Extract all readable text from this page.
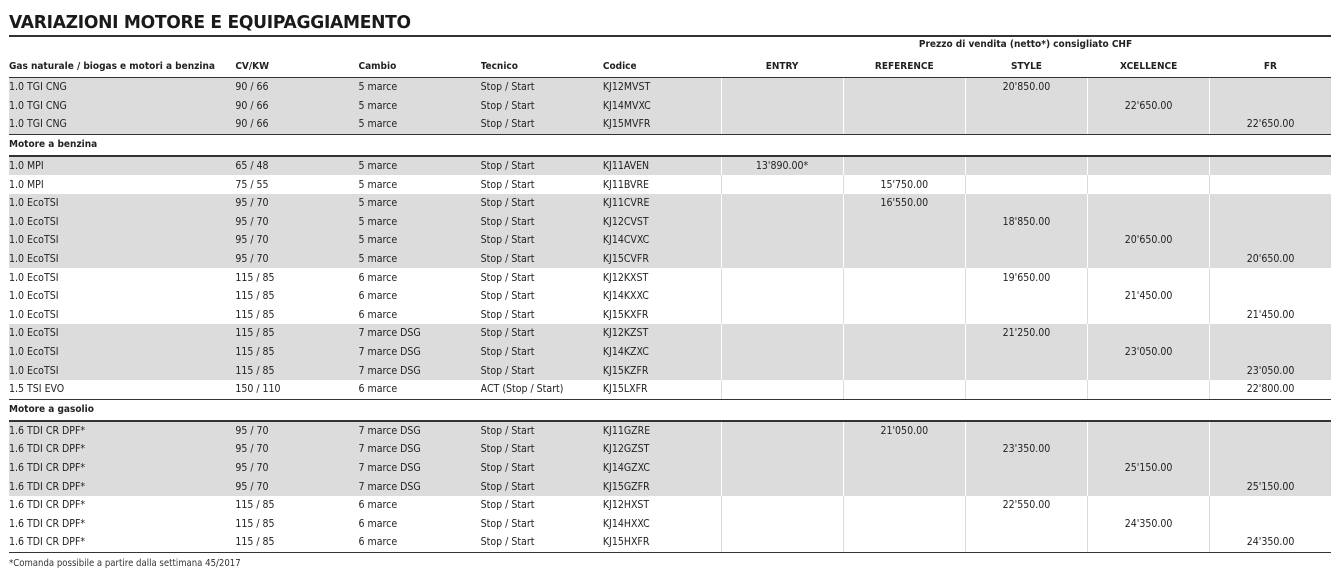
VARIAZIONI MOTORE E EQUIPAGGIAMENTO
Prezzo di vendita (netto*) consigliato CHF
Gas naturale / biogas e motori a benzina	CV/KW	Cambio	Tecnico	Codice	ENTRY	REFERENCE	STYLE	XCELLENCE	FR
1.0 TGI CNG	90 / 66	5 marce	Stop / Start	KJ12MVST			20'850.00		
1.0 TGI CNG	90 / 66	5 marce	Stop / Start	KJ14MVXC				22'650.00	
1.0 TGI CNG	90 / 66	5 marce	Stop / Start	KJ15MVFR					22'650.00
Motore a benzina									
1.0 MPI	65 / 48	5 marce	Stop / Start	KJ11AVEN	13'890.00*				
1.0 MPI	75 / 55	5 marce	Stop / Start	KJ11BVRE		15'750.00			
1.0 EcoTSI	95 / 70	5 marce	Stop / Start	KJ11CVRE		16'550.00			
1.0 EcoTSI	95 / 70	5 marce	Stop / Start	KJ12CVST			18'850.00		
1.0 EcoTSI	95 / 70	5 marce	Stop / Start	KJ14CVXC				20'650.00	
1.0 EcoTSI	95 / 70	5 marce	Stop / Start	KJ15CVFR					20'650.00
1.0 EcoTSI	115 / 85	6 marce	Stop / Start	KJ12KXST			19'650.00		
1.0 EcoTSI	115 / 85	6 marce	Stop / Start	KJ14KXXC				21'450.00	
1.0 EcoTSI	115 / 85	6 marce	Stop / Start	KJ15KXFR					21'450.00
1.0 EcoTSI	115 / 85	7 marce DSG	Stop / Start	KJ12KZST			21'250.00		
1.0 EcoTSI	115 / 85	7 marce DSG	Stop / Start	KJ14KZXC				23'050.00	
1.0 EcoTSI	115 / 85	7 marce DSG	Stop / Start	KJ15KZFR					23'050.00
1.5 TSI EVO	150 / 110	6 marce	ACT (Stop / Start)	KJ15LXFR					22'800.00
Motore a gasolio									
1.6 TDI CR DPF*	95 / 70	7 marce DSG	Stop / Start	KJ11GZRE		21'050.00			
1.6 TDI CR DPF*	95 / 70	7 marce DSG	Stop / Start	KJ12GZST			23'350.00		
1.6 TDI CR DPF*	95 / 70	7 marce DSG	Stop / Start	KJ14GZXC				25'150.00	
1.6 TDI CR DPF*	95 / 70	7 marce DSG	Stop / Start	KJ15GZFR					25'150.00
1.6 TDI CR DPF*	115 / 85	6 marce	Stop / Start	KJ12HXST			22'550.00		
1.6 TDI CR DPF*	115 / 85	6 marce	Stop / Start	KJ14HXXC				24'350.00	
1.6 TDI CR DPF*	115 / 85	6 marce	Stop / Start	KJ15HXFR					24'350.00
*Comanda possibile a partire dalla settimana 45/2017
